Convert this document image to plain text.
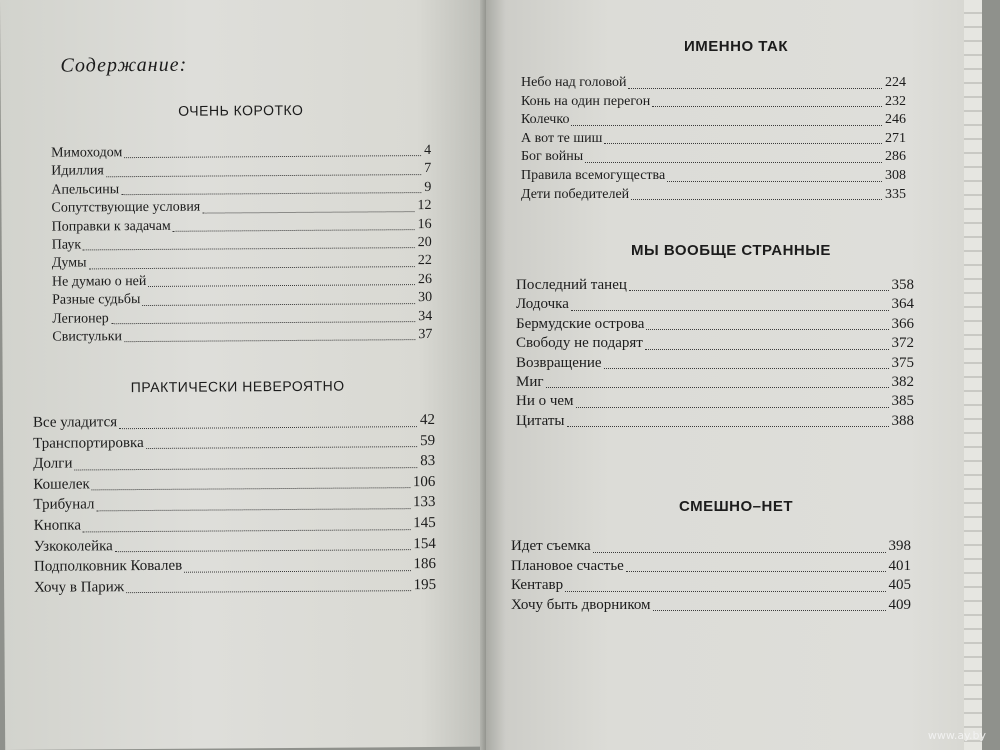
Содержание:
ОЧЕНЬ КОРОТКО
Мимоходом	4
Идиллия	7
Апельсины	9
Сопутствующие условия	12
Поправки к задачам	16
Паук	20
Думы	22
Не думаю о ней	26
Разные судьбы	30
Легионер	34
Свистульки	37
ПРАКТИЧЕСКИ НЕВЕРОЯТНО
Все уладится	42
Транспортировка	59
Долги	83
Кошелек	106
Трибунал	133
Кнопка	145
Узкоколейка	154
Подполковник Ковалев	186
Хочу в Париж	195
ИМЕННО ТАК
Небо над головой	224
Конь на один перегон	232
Колечко	246
А вот те шиш	271
Бог войны	286
Правила всемогущества	308
Дети победителей	335
МЫ ВООБЩЕ СТРАННЫЕ
Последний танец	358
Лодочка	364
Бермудские острова	366
Свободу не подарят	372
Возвращение	375
Миг	382
Ни о чем	385
Цитаты	388
СМЕШНО–НЕТ
Идет съемка	398
Плановое счастье	401
Кентавр	405
Хочу быть дворником	409
www.ay.by
